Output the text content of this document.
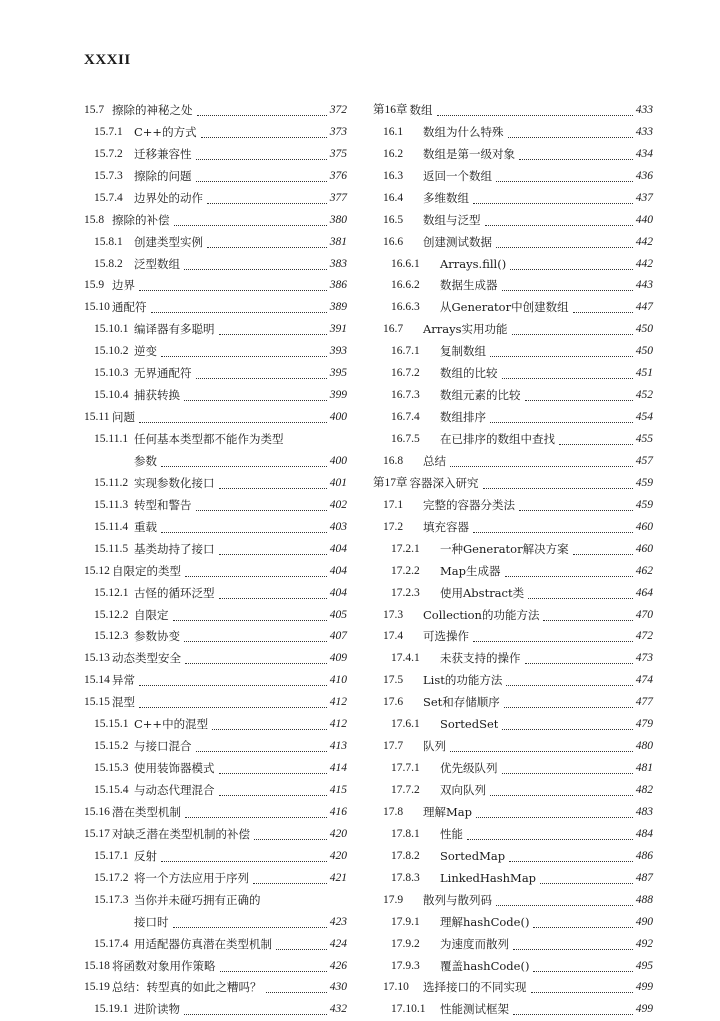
XXXII
15.7 擦除的神秘之处	372
15.7.1 C++的方式	373
15.7.2 迁移兼容性	375
15.7.3 擦除的问题	376
15.7.4 边界处的动作	377
15.8 擦除的补偿	380
15.8.1 创建类型实例	381
15.8.2 泛型数组	383
15.9 边界	386
15.10 通配符	389
15.10.1 编译器有多聪明	391
15.10.2 逆变	393
15.10.3 无界通配符	395
15.10.4 捕获转换	399
15.11 问题	400
15.11.1 任何基本类型都不能作为类型
参数	400
15.11.2 实现参数化接口	401
15.11.3 转型和警告	402
15.11.4 重载	403
15.11.5 基类劫持了接口	404
15.12 自限定的类型	404
15.12.1 古怪的循环泛型	404
15.12.2 自限定	405
15.12.3 参数协变	407
15.13 动态类型安全	409
15.14 异常	410
15.15 混型	412
15.15.1 C++中的混型	412
15.15.2 与接口混合	413
15.15.3 使用装饰器模式	414
15.15.4 与动态代理混合	415
15.16 潜在类型机制	416
15.17 对缺乏潜在类型机制的补偿	420
15.17.1 反射	420
15.17.2 将一个方法应用于序列	421
15.17.3 当你并未碰巧拥有正确的
接口时	423
15.17.4 用适配器仿真潜在类型机制	424
15.18 将函数对象用作策略	426
15.19 总结：转型真的如此之糟吗？	430
15.19.1 进阶读物	432
第16章 数组	433
16.1	数组为什么特殊	433
16.2	数组是第一级对象	434
16.3	返回一个数组	436
16.4	多维数组	437
16.5	数组与泛型	440
16.6	创建测试数据	442
16.6.1	Arrays.fill()	442
16.6.2	数据生成器	443
16.6.3	从Generator中创建数组	447
16.7	Arrays实用功能	450
16.7.1	复制数组	450
16.7.2	数组的比较	451
16.7.3	数组元素的比较	452
16.7.4	数组排序	454
16.7.5	在已排序的数组中查找	455
16.8	总结	457
第17章 容器深入研究	459
17.1	完整的容器分类法	459
17.2	填充容器	460
17.2.1	一种Generator解决方案	460
17.2.2	Map生成器	462
17.2.3	使用Abstract类	464
17.3	Collection的功能方法	470
17.4	可选操作	472
17.4.1	未获支持的操作	473
17.5	List的功能方法	474
17.6	Set和存储顺序	477
17.6.1	SortedSet	479
17.7	队列	480
17.7.1	优先级队列	481
17.7.2	双向队列	482
17.8	理解Map	483
17.8.1	性能	484
17.8.2	SortedMap	486
17.8.3	LinkedHashMap	487
17.9	散列与散列码	488
17.9.1	理解hashCode()	490
17.9.2	为速度而散列	492
17.9.3	覆盖hashCode()	495
17.10	选择接口的不同实现	499
17.10.1	性能测试框架	499
